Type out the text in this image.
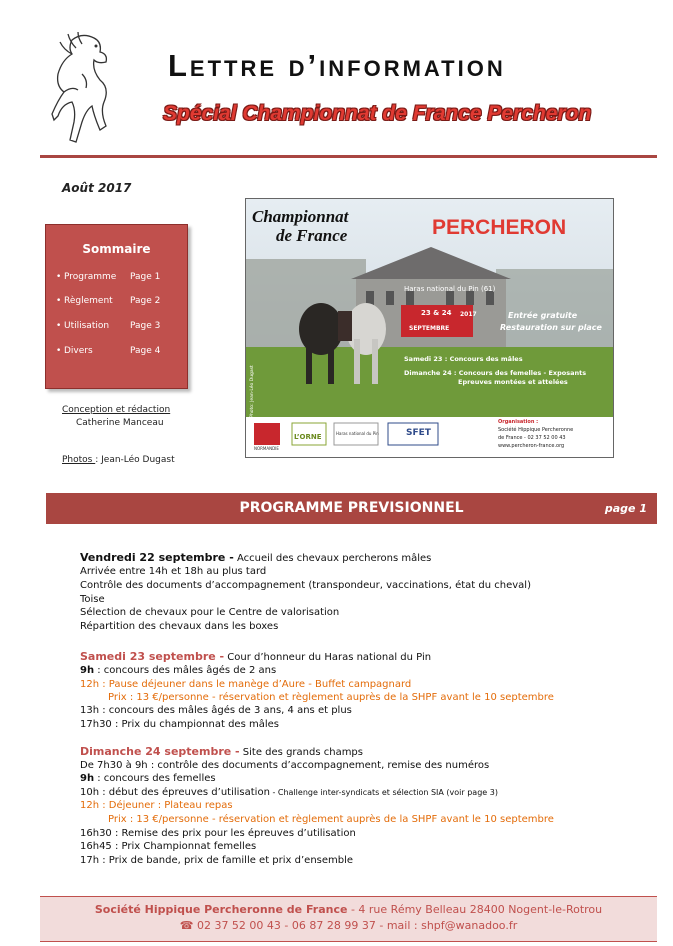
Lettre d’information
Spécial Championnat de France Percheron
Août 2017
Sommaire
• Programme Page 1
• Règlement Page 2
• Utilisation Page 3
• Divers	Page 4
Conception et rédaction
Catherine Manceau
Photos : Jean-Léo Dugast
Championnat
de France	PERCHERON
Haras national du Pin (61)
23 & 24
SEPTEMBRE
2017	Entrée gratuite
Restauration sur place
Samedi 23 : Concours des mâles
Dimanche 24 : Concours des femelles - Exposants
Epreuves montées et attelées
Photo: Jean-Léo Dugast
NORMANDIE
L’ORNE	Haras national du Pin	SFET
Organisation :
Société Hippique Percheronne
de France - 02 37 52 00 43
www.percheron-france.org
PROGRAMME PREVISIONNEL	page 1
Vendredi 22 septembre - Accueil des chevaux percherons mâles
Arrivée entre 14h et 18h au plus tard
Contrôle des documents d’accompagnement (transpondeur, vaccinations, état du cheval)
Toise
Sélection de chevaux pour le Centre de valorisation
Répartition des chevaux dans les boxes
Samedi 23 septembre - Cour d’honneur du Haras national du Pin
9h : concours des mâles âgés de 2 ans
12h : Pause déjeuner dans le manège d’Aure - Buffet campagnard
Prix : 13 €/personne - réservation et règlement auprès de la SHPF avant le 10 septembre
13h : concours des mâles âgés de 3 ans, 4 ans et plus
17h30 : Prix du championnat des mâles
Dimanche 24 septembre - Site des grands champs
De 7h30 à 9h : contrôle des documents d’accompagnement, remise des numéros
9h : concours des femelles
10h : début des épreuves d’utilisation - Challenge inter-syndicats et sélection SIA (voir page 3)
12h : Déjeuner : Plateau repas
Prix : 13 €/personne - réservation et règlement auprès de la SHPF avant le 10 septembre
16h30 : Remise des prix pour les épreuves d’utilisation
16h45 : Prix Championnat femelles
17h : Prix de bande, prix de famille et prix d’ensemble
Société Hippique Percheronne de France - 4 rue Rémy Belleau 28400 Nogent-le-Rotrou
☎ 02 37 52 00 43 - 06 87 28 99 37 - mail : shpf@wanadoo.fr
